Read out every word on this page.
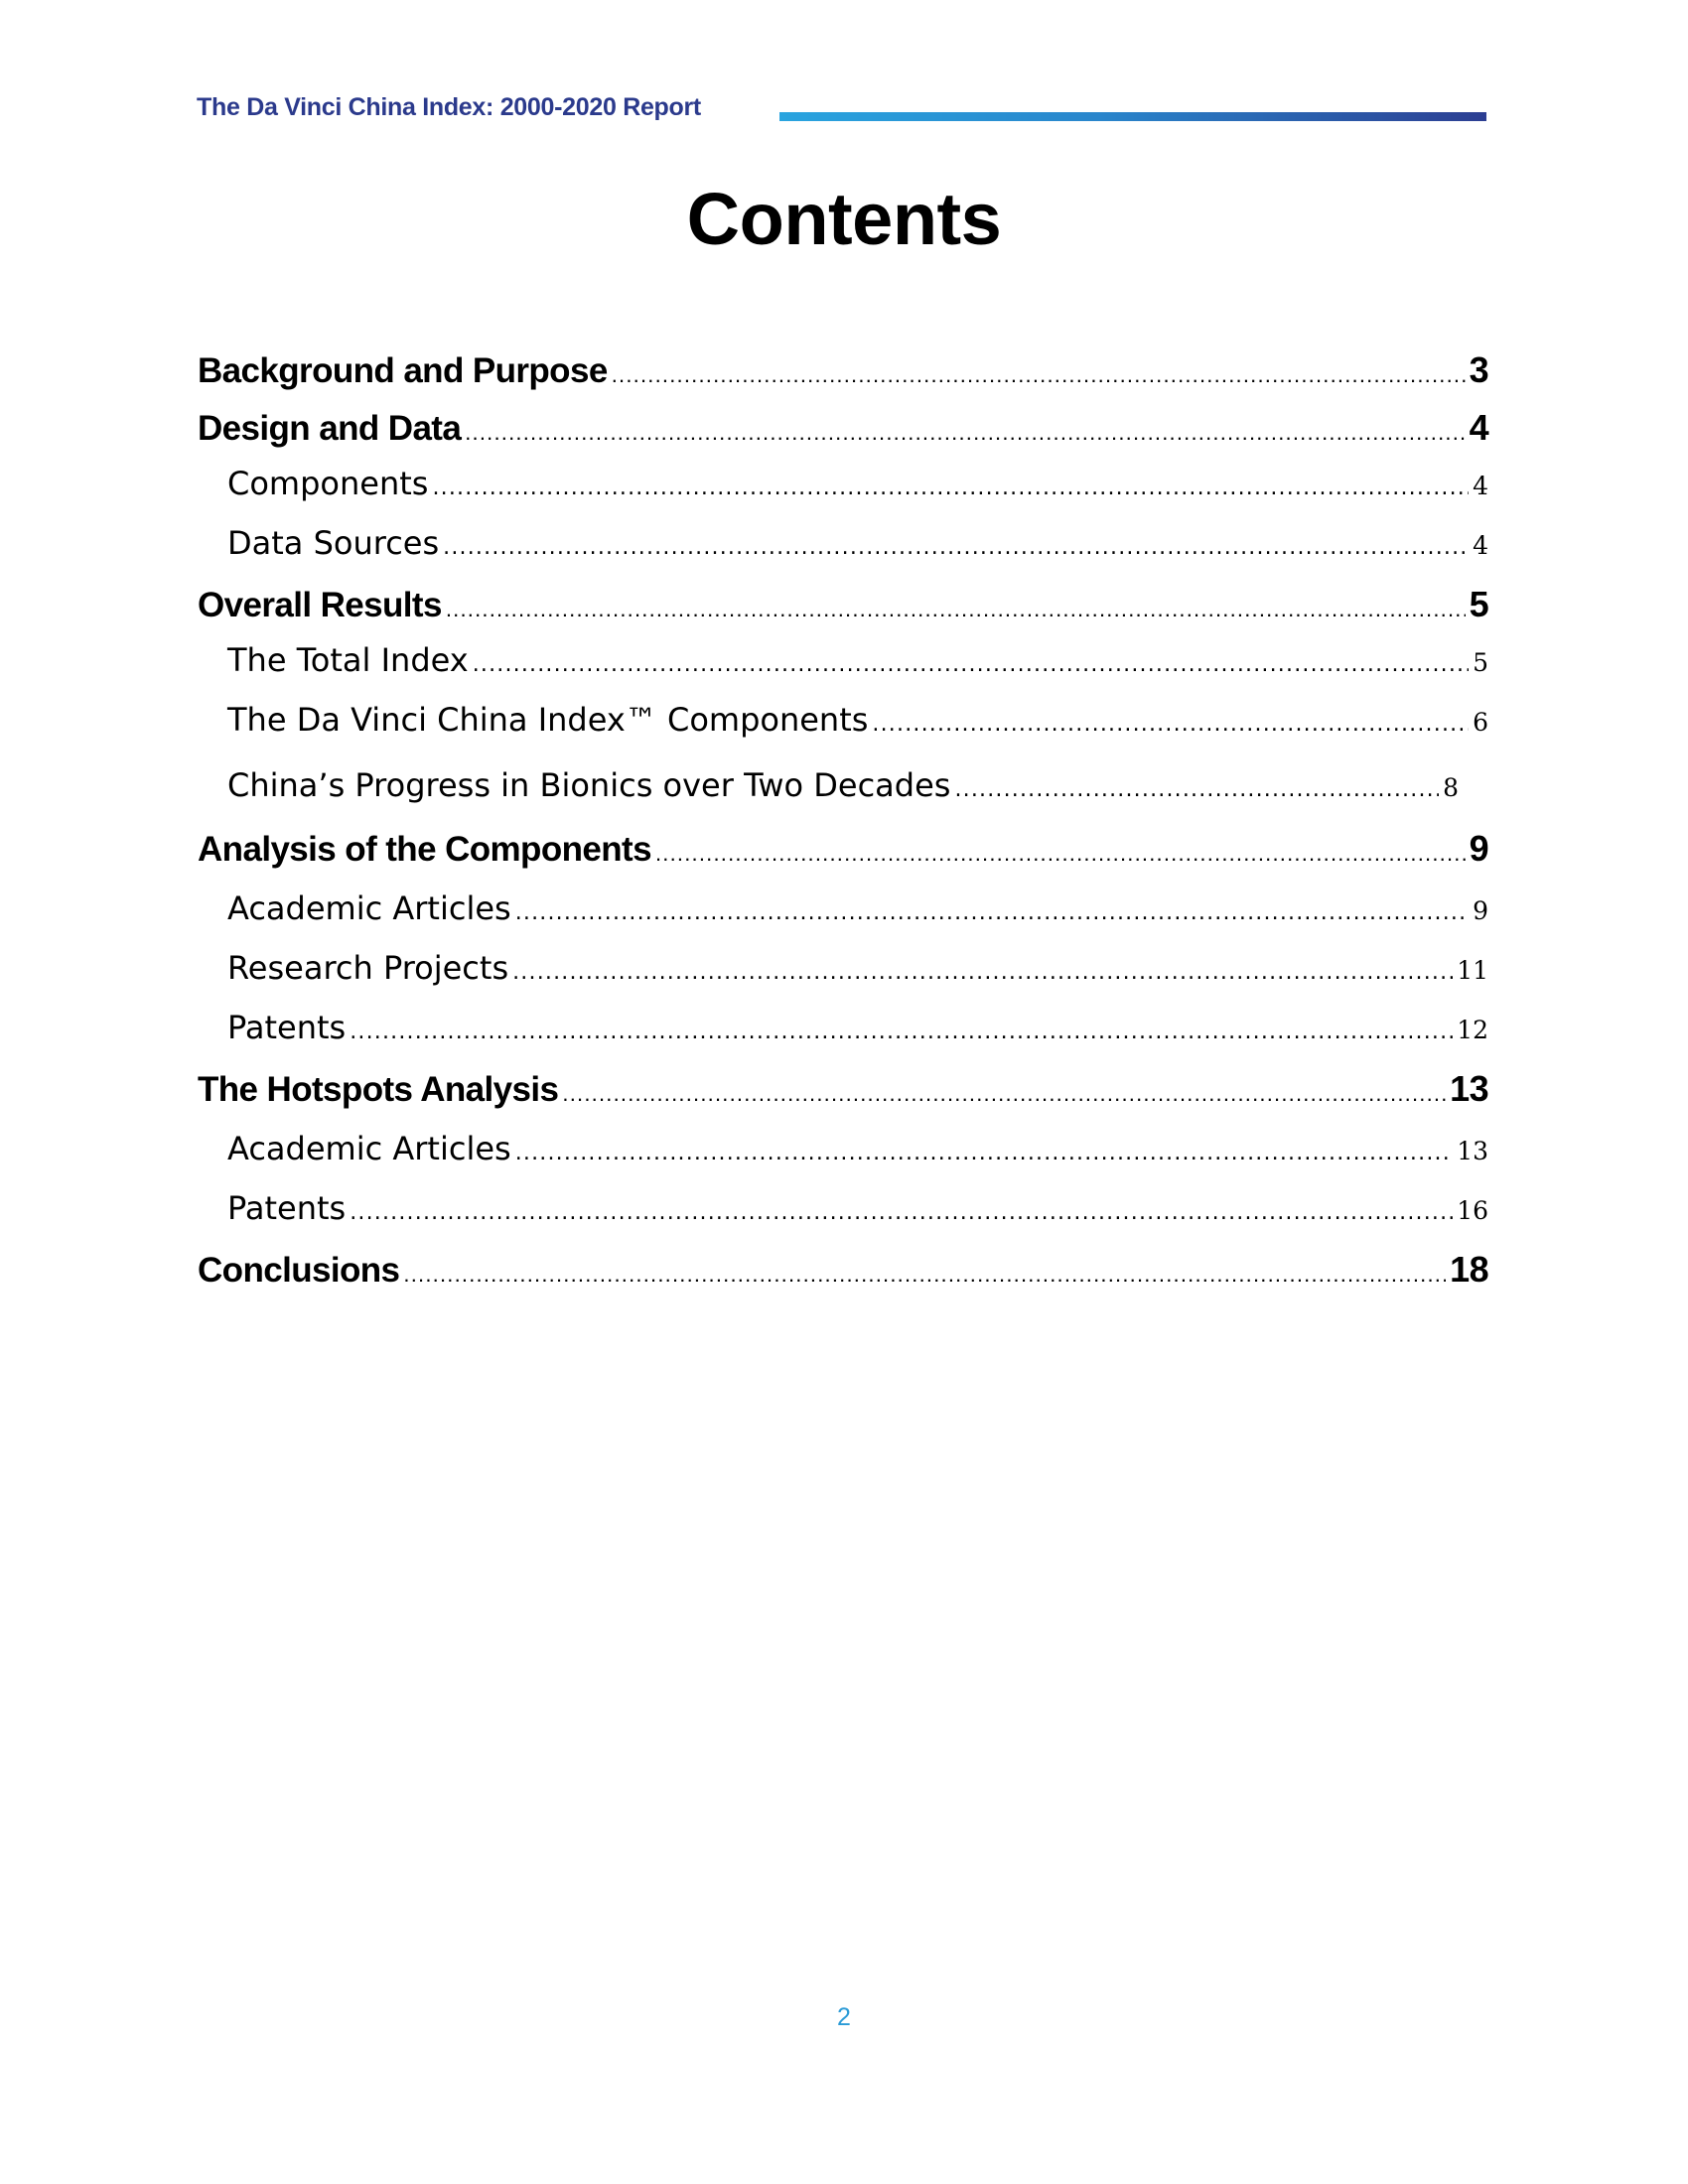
The Da Vinci China Index: 2000-2020 Report
Contents
Background and Purpose .....	3
Design and Data .....	4
Components .....	4
Data Sources .....	4
Overall Results .....	5
The Total Index .....	5
The Da Vinci China Index™ Components .....	6
China’s Progress in Bionics over Two Decades .....	8
Analysis of the Components .....	9
Academic Articles .....	9
Research Projects .....	11
Patents .....	12
The Hotspots Analysis .....	13
Academic Articles .....	13
Patents .....	16
Conclusions .....	18
2
